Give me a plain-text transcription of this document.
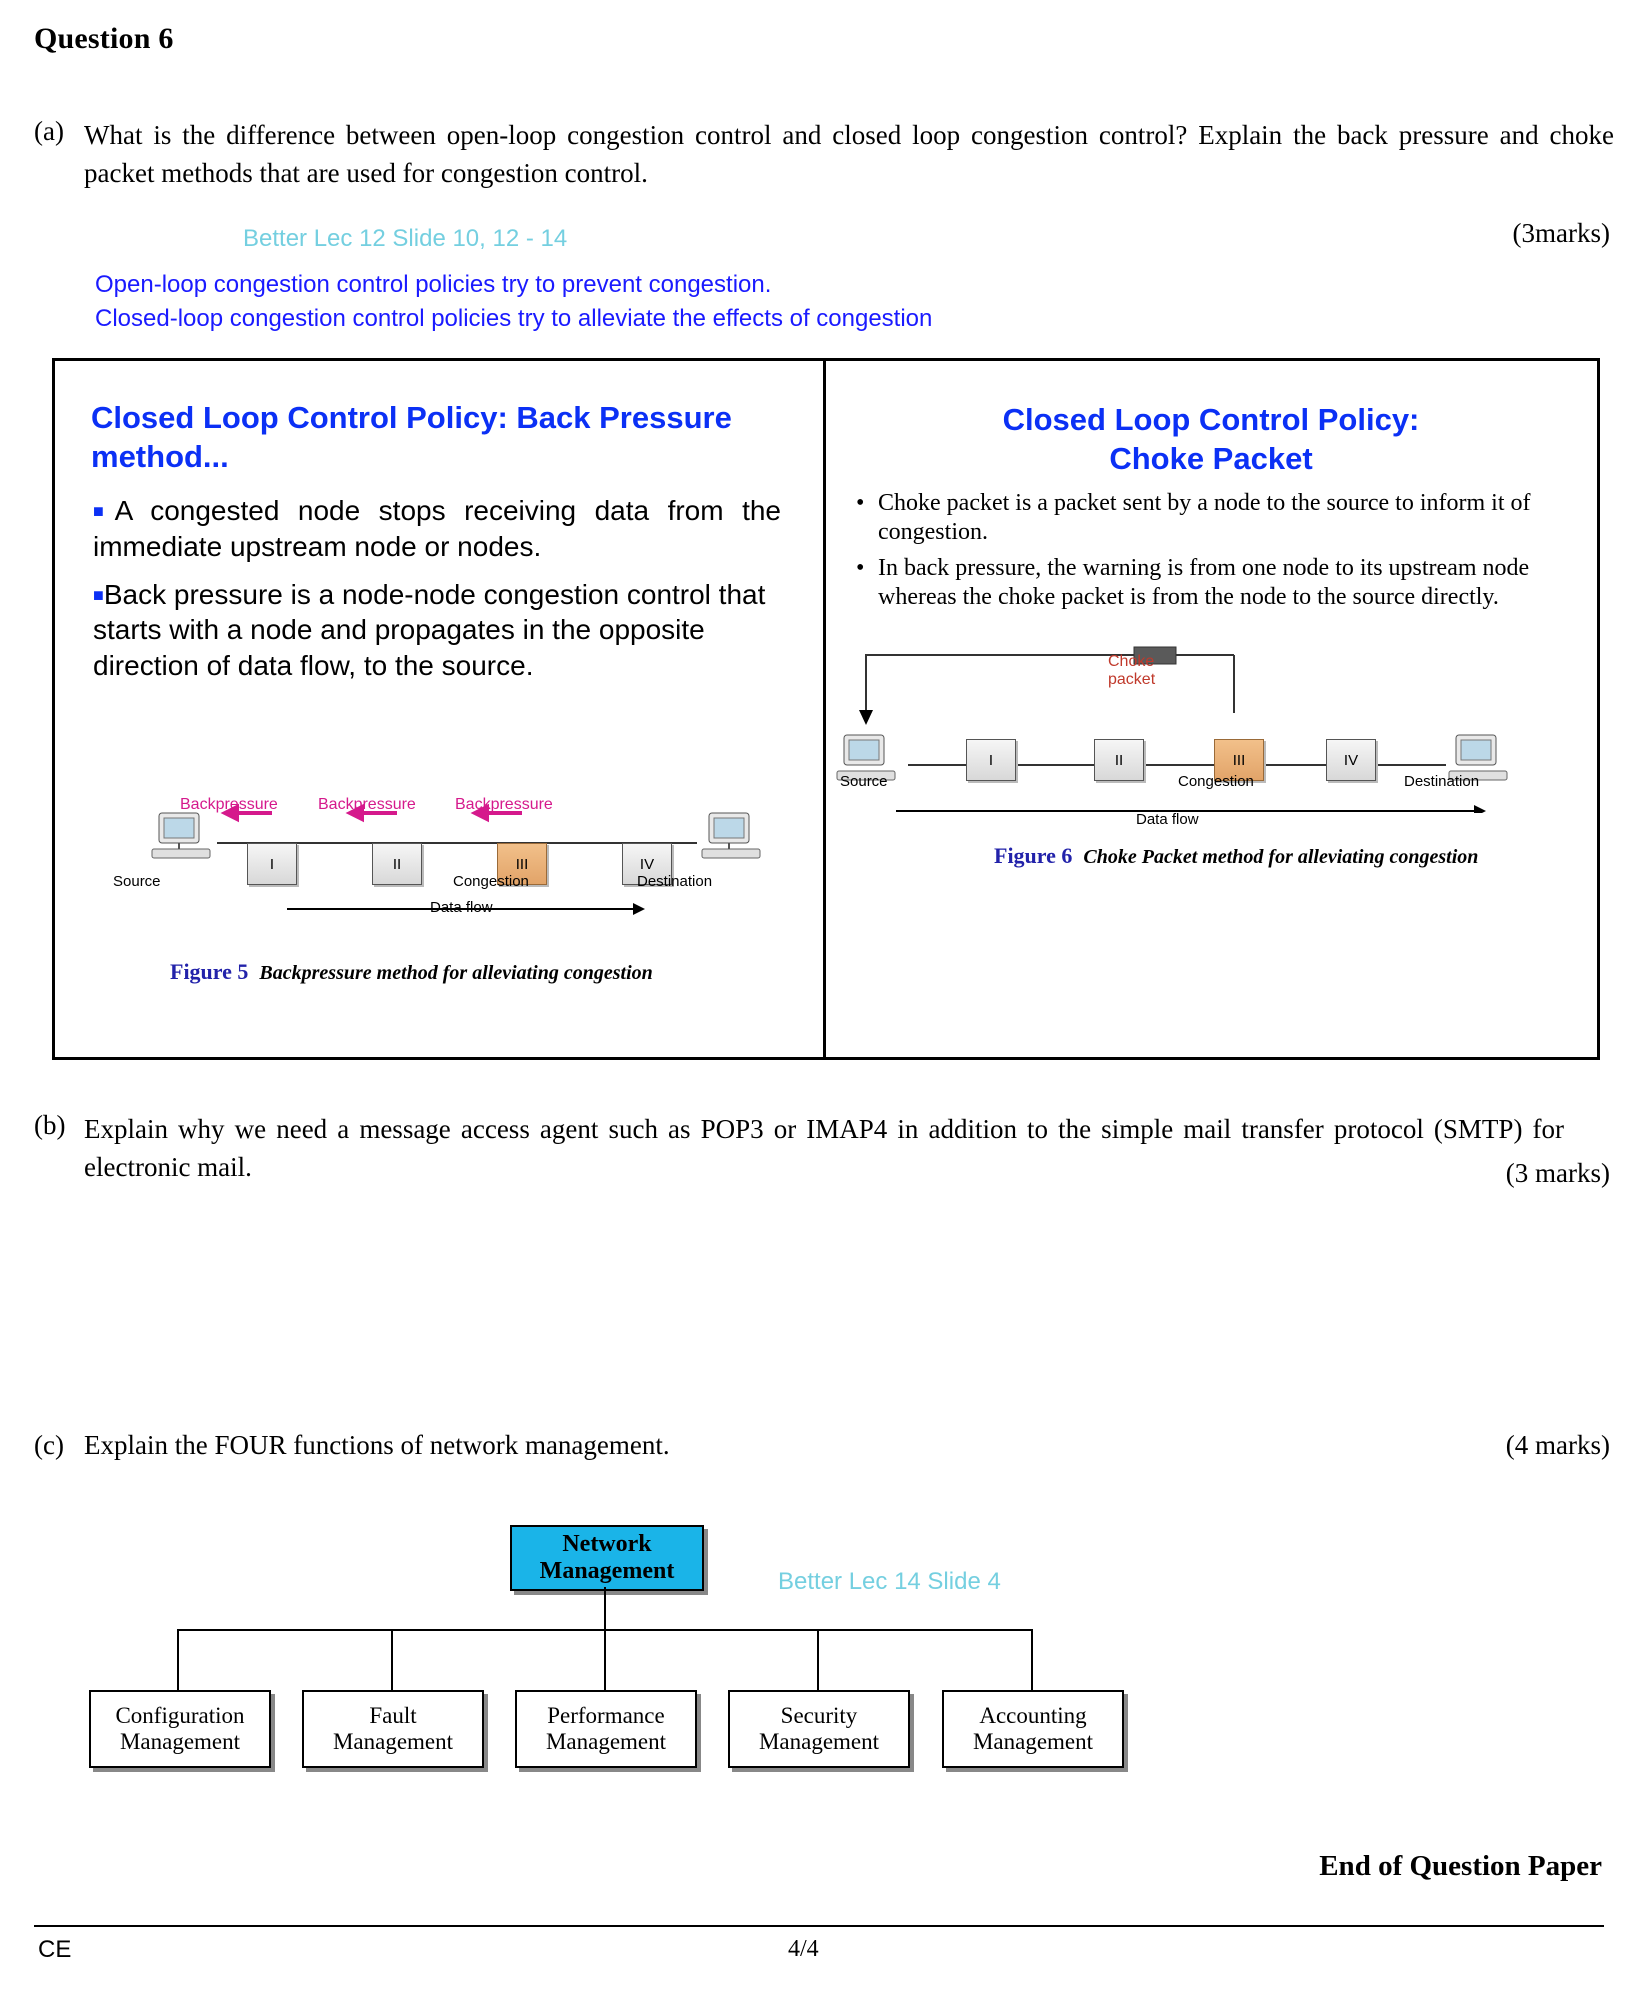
Question 6
(a) What is the difference between open-loop congestion control and closed loop congestion control? Explain the back pressure and choke packet methods that are used for congestion control.
(3marks)
Better Lec 12 Slide 10, 12 - 14
Open-loop congestion control policies try to prevent congestion.
Closed-loop congestion control policies try to alleviate the effects of congestion
Closed Loop Control Policy: Back Pressure method...

■A congested node stops receiving data from the immediate upstream node or nodes.

■Back pressure is a node-node congestion control that starts with a node and propagates in the opposite direction of data flow, to the source.

I	II	III	IV
Backpressure	Backpressure Backpressure
Source	Congestion	Destination
Data flow
Figure 5 Backpressure method for alleviating congestion
Closed Loop Control Policy:
Choke Packet
• Choke packet is a packet sent by a node to the source to inform it of congestion.
• In back pressure, the warning is from one node to its upstream node whereas the choke packet is from the node to the source directly.
I	II	III	IV
Choke
packet
Source	Congestion	Destination
Data flow
Figure 6 Choke Packet method for alleviating congestion
(b) Explain why we need a message access agent such as POP3 or IMAP4 in addition to the simple mail transfer protocol (SMTP) for electronic mail.	(3 marks)
(c) Explain the FOUR functions of network management.	(4 marks)
Better Lec 14 Slide 4
Network
Management
Configuration
Management
Fault
Management
Performance
Management
Security
Management
Accounting
Management
End of Question Paper
CE	4/4
